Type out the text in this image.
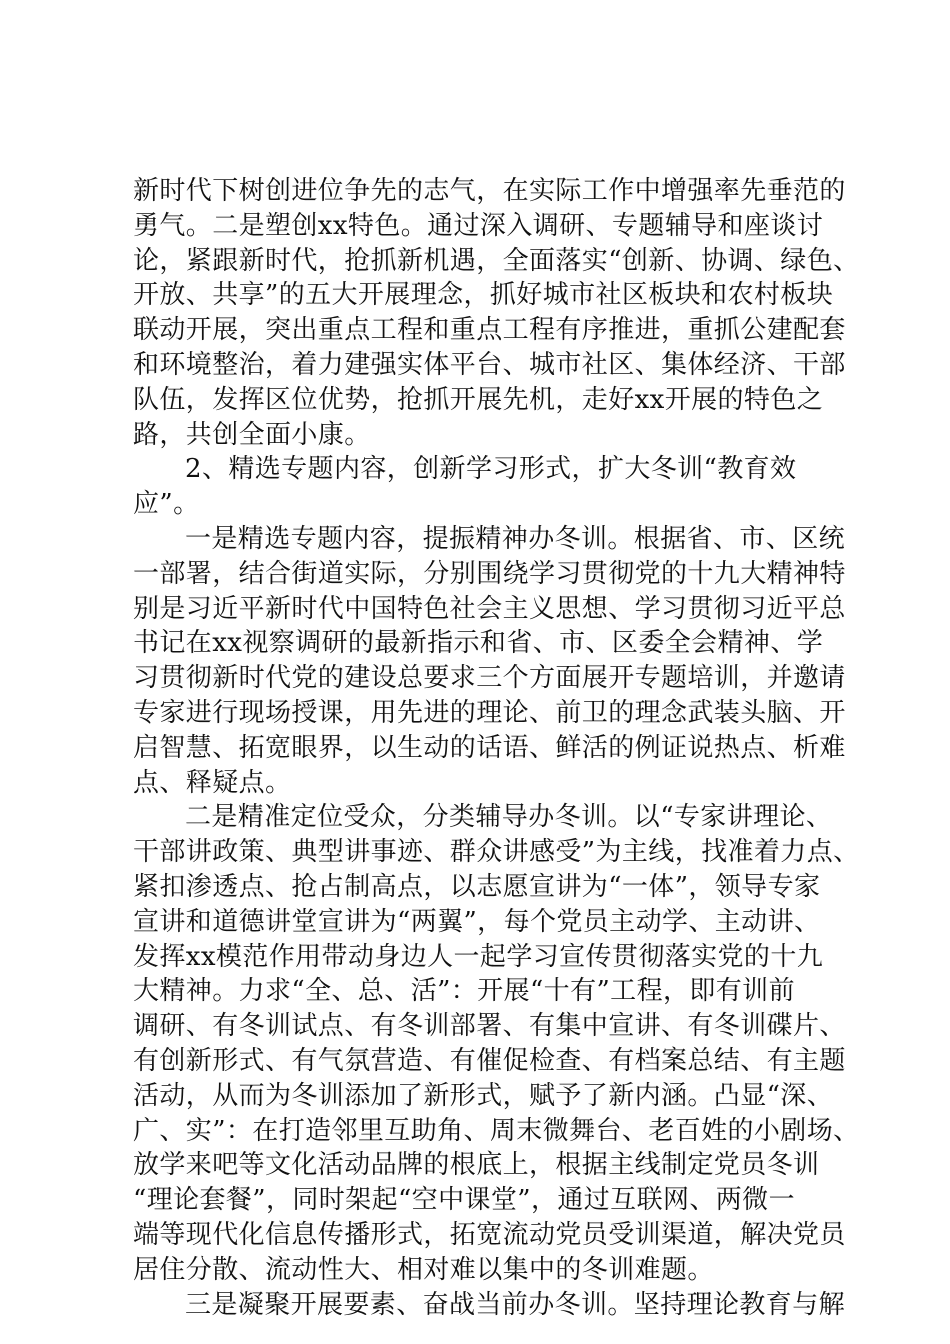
新时代下树创进位争先的志气，在实际工作中增强率先垂范的
勇气。二是塑创xx特色。通过深入调研、专题辅导和座谈讨
论，紧跟新时代，抢抓新机遇，全面落实“创新、协调、绿色、
开放、共享”的五大开展理念，抓好城市社区板块和农村板块
联动开展，突出重点工程和重点工程有序推进，重抓公建配套
和环境整治，着力建强实体平台、城市社区、集体经济、干部
队伍，发挥区位优势，抢抓开展先机，走好xx开展的特色之
路，共创全面小康。
2、精选专题内容，创新学习形式，扩大冬训“教育效
应”。
一是精选专题内容，提振精神办冬训。根据省、市、区统
一部署，结合街道实际，分别围绕学习贯彻党的十九大精神特
别是习近平新时代中国特色社会主义思想、学习贯彻习近平总
书记在xx视察调研的最新指示和省、市、区委全会精神、学
习贯彻新时代党的建设总要求三个方面展开专题培训，并邀请
专家进行现场授课，用先进的理论、前卫的理念武装头脑、开
启智慧、拓宽眼界，以生动的话语、鲜活的例证说热点、析难
点、释疑点。
二是精准定位受众，分类辅导办冬训。以“专家讲理论、
干部讲政策、典型讲事迹、群众讲感受”为主线，找准着力点、
紧扣渗透点、抢占制高点，以志愿宣讲为“一体”，领导专家
宣讲和道德讲堂宣讲为“两翼”，每个党员主动学、主动讲、
发挥xx模范作用带动身边人一起学习宣传贯彻落实党的十九
大精神。力求“全、总、活”：开展“十有”工程，即有训前
调研、有冬训试点、有冬训部署、有集中宣讲、有冬训碟片、
有创新形式、有气氛营造、有催促检查、有档案总结、有主题
活动，从而为冬训添加了新形式，赋予了新内涵。凸显“深、
广、实”：在打造邻里互助角、周末微舞台、老百姓的小剧场、
放学来吧等文化活动品牌的根底上，根据主线制定党员冬训
“理论套餐”，同时架起“空中课堂”，通过互联网、两微一
端等现代化信息传播形式，拓宽流动党员受训渠道，解决党员
居住分散、流动性大、相对难以集中的冬训难题。
三是凝聚开展要素、奋战当前办冬训。坚持理论教育与解
